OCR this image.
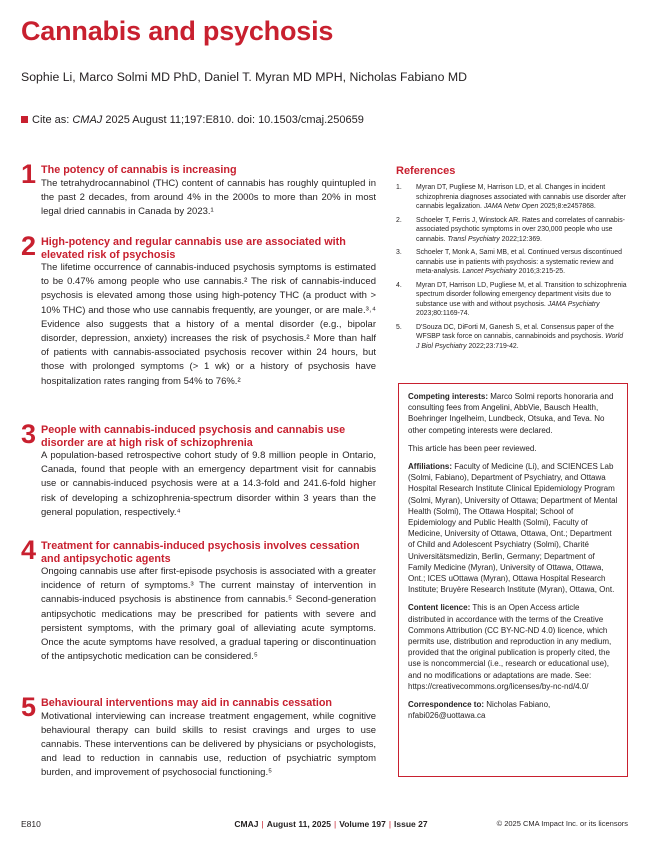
Cannabis and psychosis
Sophie Li, Marco Solmi MD PhD, Daniel T. Myran MD MPH, Nicholas Fabiano MD
Cite as: CMAJ 2025 August 11;197:E810. doi: 10.1503/cmaj.250659
1 The potency of cannabis is increasing
The tetrahydrocannabinol (THC) content of cannabis has roughly quintupled in the past 2 decades, from around 4% in the 2000s to more than 20% in most legal dried cannabis in Canada by 2023.¹
2 High-potency and regular cannabis use are associated with elevated risk of psychosis
The lifetime occurrence of cannabis-induced psychosis symptoms is estimated to be 0.47% among people who use cannabis.² The risk of cannabis-induced psychosis is elevated among those using high-potency THC (a product with > 10% THC) and those who use cannabis frequently, are younger, or are male.³˒⁴ Evidence also suggests that a history of a mental disorder (e.g., bipolar disorder, depression, anxiety) increases the risk of psychosis.² More than half of patients with cannabis-associated psychosis recover within 24 hours, but those with prolonged symptoms (> 1 wk) or a history of psychosis have hospitalization rates ranging from 54% to 76%.²
3 People with cannabis-induced psychosis and cannabis use disorder are at high risk of schizophrenia
A population-based retrospective cohort study of 9.8 million people in Ontario, Canada, found that people with an emergency department visit for cannabis use or cannabis-induced psychosis were at a 14.3-fold and 241.6-fold higher risk of developing a schizophrenia-spectrum disorder within 3 years than the general population, respectively.⁴
4 Treatment for cannabis-induced psychosis involves cessation and antipsychotic agents
Ongoing cannabis use after first-episode psychosis is associated with a greater incidence of return of symptoms.³ The current mainstay of intervention in cannabis-induced psychosis is abstinence from cannabis.⁵ Second-generation antipsychotic medications may be prescribed for patients with severe and persistent symptoms, with the primary goal of alleviating acute symptoms. Once the acute symptoms have resolved, a gradual tapering or discontinuation of the antipsychotic medication can be considered.⁵
5 Behavioural interventions may aid in cannabis cessation
Motivational interviewing can increase treatment engagement, while cognitive behavioural therapy can build skills to resist cravings and urges to use cannabis. These interventions can be delivered by physicians or psychologists, and lead to reduction in cannabis use, reduction of psychiatric symptom burden, and improvement of psychosocial functioning.⁵
References
1. Myran DT, Pugliese M, Harrison LD, et al. Changes in incident schizophrenia diagnoses associated with cannabis use disorder after cannabis legalization. JAMA Netw Open 2025;8:e2457868.
2. Schoeler T, Ferris J, Winstock AR. Rates and correlates of cannabis-associated psychotic symptoms in over 230,000 people who use cannabis. Transl Psychiatry 2022;12:369.
3. Schoeler T, Monk A, Sami MB, et al. Continued versus discontinued cannabis use in patients with psychosis: a systematic review and meta-analysis. Lancet Psychiatry 2016;3:215-25.
4. Myran DT, Harrison LD, Pugliese M, et al. Transition to schizophrenia spectrum disorder following emergency department visits due to substance use with and without psychosis. JAMA Psychiatry 2023;80:1169-74.
5. D'Souza DC, DiForti M, Ganesh S, et al. Consensus paper of the WFSBP task force on cannabis, cannabinoids and psychosis. World J Biol Psychiatry 2022;23:719-42.

Competing interests: Marco Solmi reports honoraria and consulting fees from Angelini, AbbVie, Bausch Health, Boehringer Ingelheim, Lundbeck, Otsuka, and Teva. No other competing interests were declared.

This article has been peer reviewed.

Affiliations: Faculty of Medicine (Li), and SCIENCES Lab (Solmi, Fabiano), Department of Psychiatry, and Ottawa Hospital Research Institute Clinical Epidemiology Program (Solmi, Myran), University of Ottawa; Department of Mental Health (Solmi), The Ottawa Hospital; School of Epidemiology and Public Health (Solmi), Faculty of Medicine, University of Ottawa, Ottawa, Ont.; Department of Child and Adolescent Psychiatry (Solmi), Charité Universitätsmedizin, Berlin, Germany; Department of Family Medicine (Myran), University of Ottawa, Ottawa, Ont.; ICES uOttawa (Myran), Ottawa Hospital Research Institute; Bruyère Research Institute (Myran), Ottawa, Ont.

Content licence: This is an Open Access article distributed in accordance with the terms of the Creative Commons Attribution (CC BY-NC-ND 4.0) licence, which permits use, distribution and reproduction in any medium, provided that the original publication is properly cited, the use is noncommercial (i.e., research or educational use), and no modifications or adaptations are made. See: https://creativecommons.org/licenses/by-nc-nd/4.0/

Correspondence to: Nicholas Fabiano, nfabi026@uottawa.ca

E810	CMAJ | August 11, 2025 | Volume 197 | Issue 27	© 2025 CMA Impact Inc. or its licensors
